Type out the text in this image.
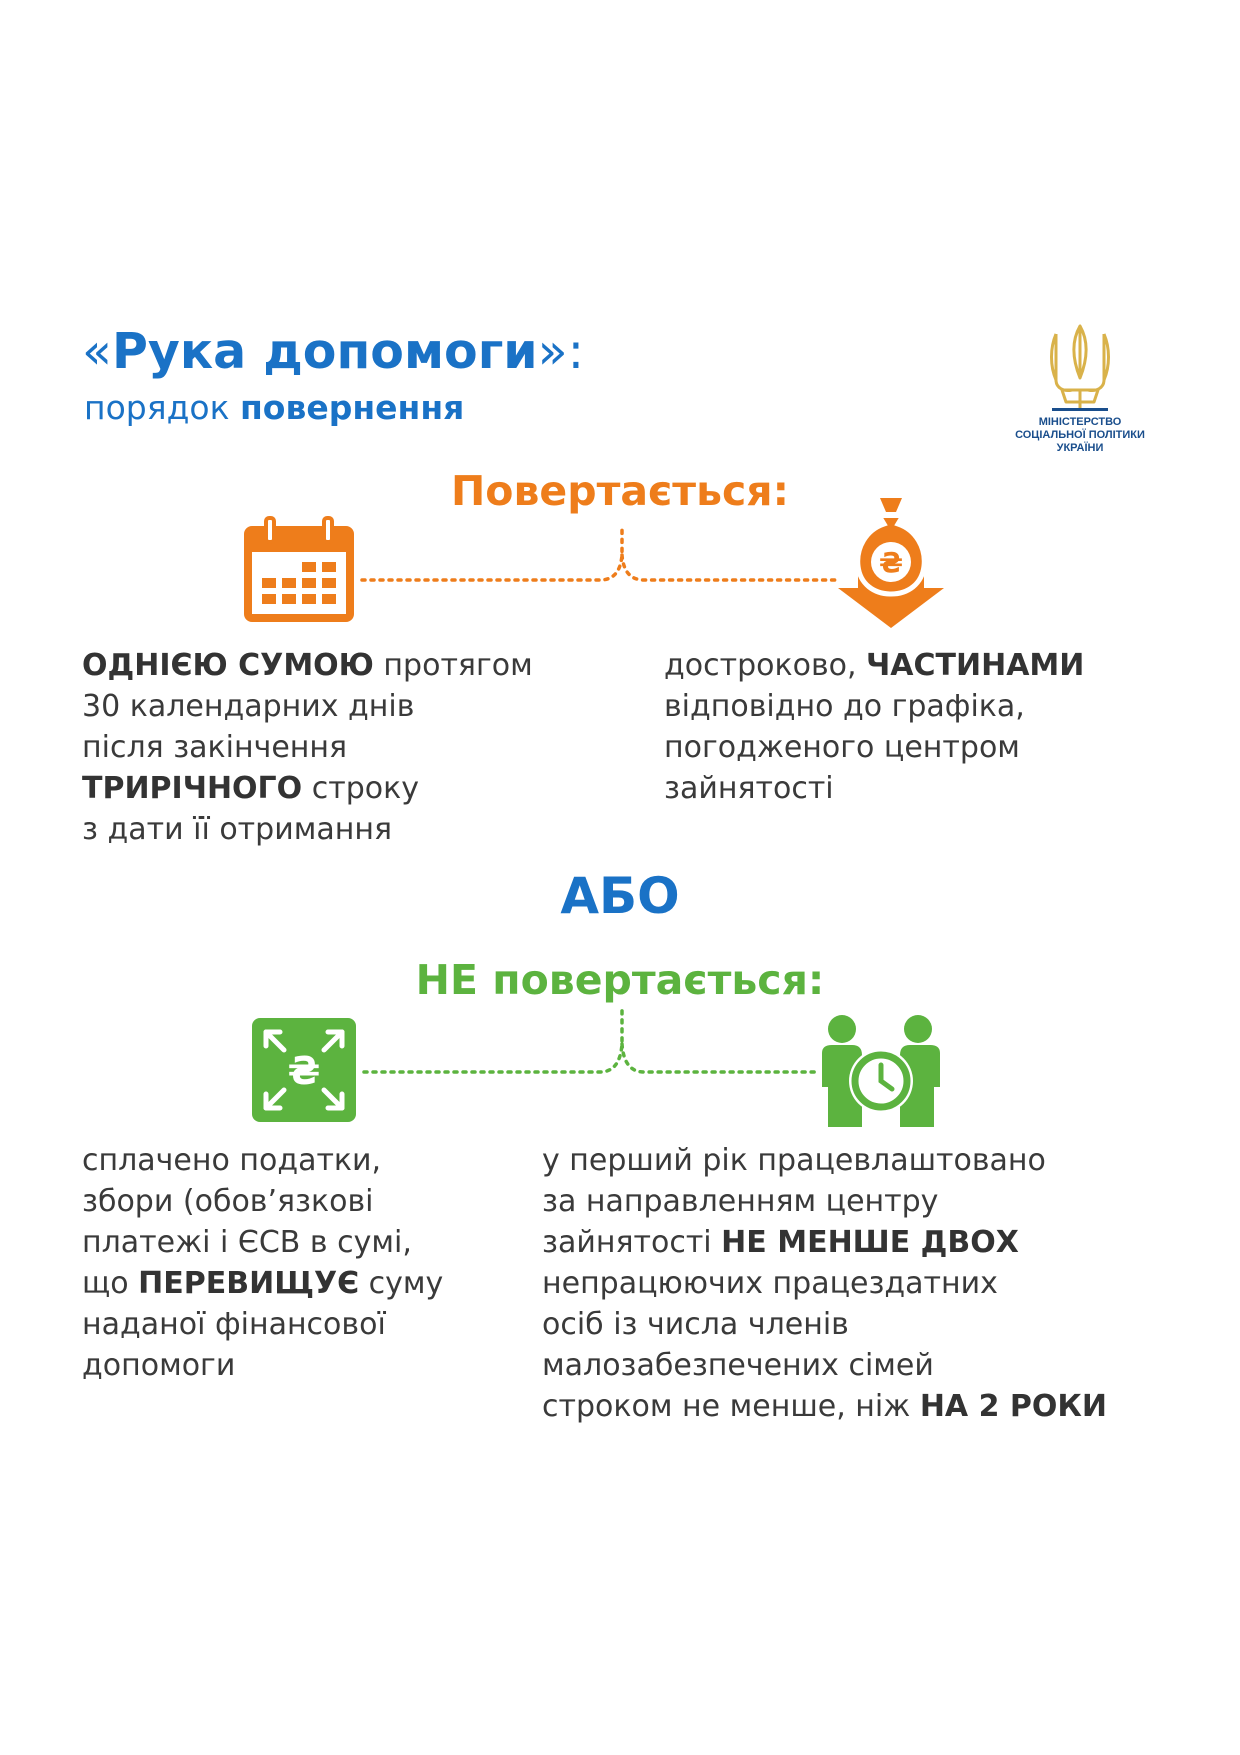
«Рука допомоги»:
порядок повернення	МІНІСТЕРСТВО
СОЦІАЛЬНОЇ ПОЛІТИКИ
УКРАЇНИ
Повертається:
₴
ОДНІЄЮ СУМОЮ протягом
30 календарних днів
після закінчення
ТРИРІЧНОГО строку
з дати її отримання
достроково, ЧАСТИНАМИ
відповідно до графіка,
погодженого центром
зайнятості
АБО
НЕ повертається:
₴
сплачено податки,
збори (обов’язкові
платежі і ЄСВ в сумі,
що ПЕРЕВИЩУЄ суму
наданої фінансової
допомоги
у перший рік працевлаштовано
за направленням центру
зайнятості НЕ МЕНШЕ ДВОХ
непрацюючих працездатних
осіб із числа членів
малозабезпечених сімей
строком не менше, ніж НА 2 РОКИ
